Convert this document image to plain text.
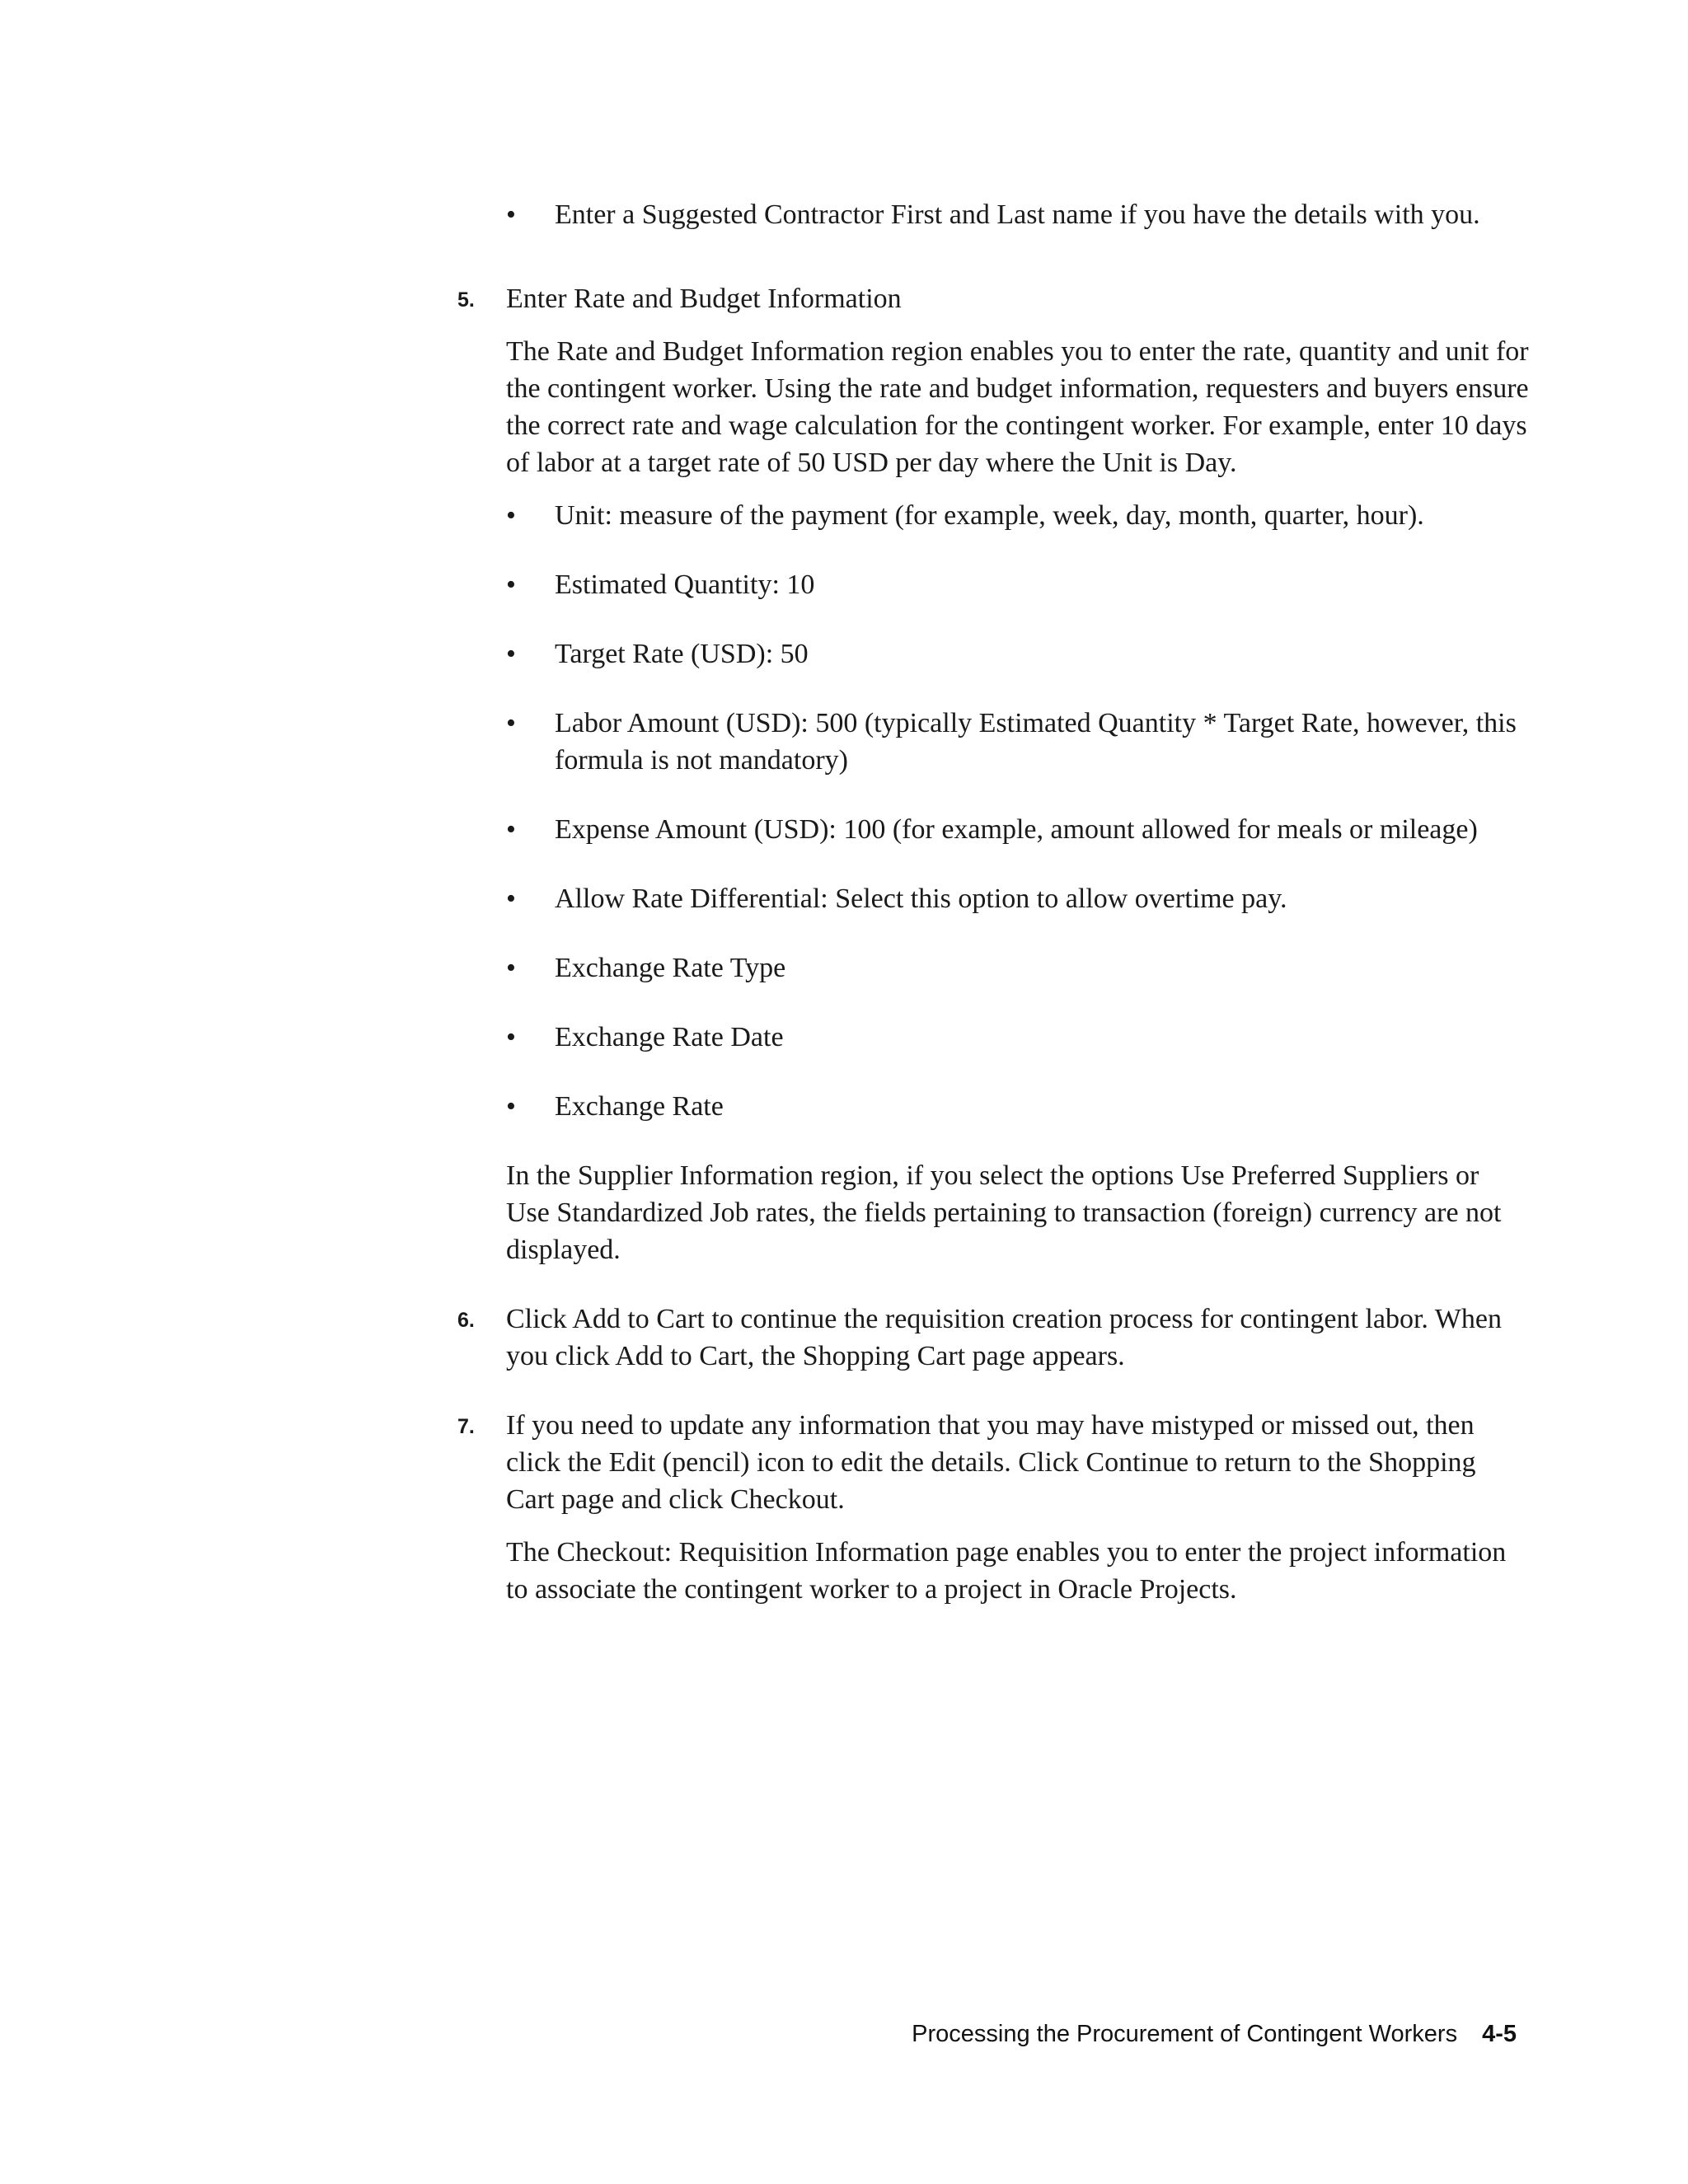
•	Enter a Suggested Contractor First and Last name if you have the details with you.

5. Enter Rate and Budget Information

The Rate and Budget Information region enables you to enter the rate, quantity and unit for the contingent worker. Using the rate and budget information, requesters and buyers ensure the correct rate and wage calculation for the contingent worker. For example, enter 10 days of labor at a target rate of 50 USD per day where the Unit is Day.

•	Unit: measure of the payment (for example, week, day, month, quarter, hour).

•	Estimated Quantity: 10

•	Target Rate (USD): 50

•	Labor Amount (USD): 500 (typically Estimated Quantity * Target Rate, however, this formula is not mandatory)

•	Expense Amount (USD): 100 (for example, amount allowed for meals or mileage)

•	Allow Rate Differential: Select this option to allow overtime pay.

•	Exchange Rate Type

•	Exchange Rate Date

•	Exchange Rate

In the Supplier Information region, if you select the options Use Preferred Suppliers or Use Standardized Job rates, the fields pertaining to transaction (foreign) currency are not displayed.

6. Click Add to Cart to continue the requisition creation process for contingent labor. When you click Add to Cart, the Shopping Cart page appears.

7. If you need to update any information that you may have mistyped or missed out, then click the Edit (pencil) icon to edit the details. Click Continue to return to the Shopping Cart page and click Checkout.

The Checkout: Requisition Information page enables you to enter the project information to associate the contingent worker to a project in Oracle Projects.

Processing the Procurement of Contingent Workers 4-5
